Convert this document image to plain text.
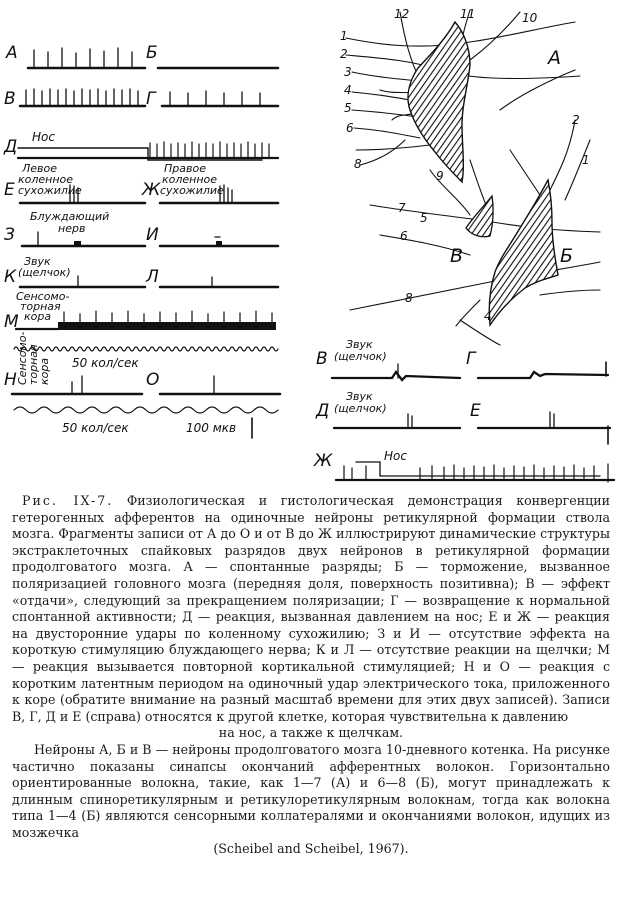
А	Б
В	Г
Д
Е	Ж
З	И
К	Л
М
Н	О
Нос
Левое
коленное
сухожилие
Правое
коленное
сухожилие
Блуждающий
нерв
Звук
(щелчок)
Сенсомо-
торная
кора
50 кол/сек
Сенсомо-
торная
кора
50 кол/сек	100 мкв
А
Б
В
12	11	10
1
2
3
4
5
6
8
9
7
5
6
2
1
8
4
В	Г
Д	Е
Ж
Звук
(щелчок)
Звук
(щелчок)
Нос

Рис. IX-7. Физиологическая и гистологическая демонстрация конвергенции гетерогенных афферентов на одиночные нейроны ретикулярной формации ствола мозга. Фрагменты записи от А до О и от В до Ж иллюстрируют динамические структуры экстраклеточных спайковых разрядов двух нейронов в ретикулярной формации продолговатого мозга. А — спонтанные разряды; Б — торможение, вызванное поляризацией головного мозга (передняя доля, поверхность позитивна); В — эффект «отдачи», следующий за прекращением поляризации; Г — возвращение к нормальной спонтанной активности; Д — реакция, вызванная давлением на нос; Е и Ж — реакция на двусторонние удары по коленному сухожилию; З и И — отсутствие эффекта на короткую стимуляцию блуждающего нерва; К и Л — отсутствие реакции на щелчки; М — реакция вызывается повторной кортикальной стимуляцией; Н и О — реакция с коротким латентным периодом на одиночный удар электрического тока, приложенного к коре (обратите внимание на разный масштаб времени для этих двух записей). Записи В, Г, Д и Е (справа) относятся к другой клетке, которая чувствительна к давлению

на нос, а также к щелчкам.

Нейроны А, Б и В — нейроны продолговатого мозга 10-дневного котенка. На рисунке частично показаны синапсы окончаний афферентных волокон. Горизонтально ориентированные волокна, такие, как 1—7 (А) и 6—8 (Б), могут принадлежать к длинным спиноретикулярным и ретикулоретикулярным волокнам, тогда как волокна типа 1—4 (Б) являются сенсорными коллатералями и окончаниями волокон, идущих из мозжечка

(Scheibel and Scheibel, 1967).
